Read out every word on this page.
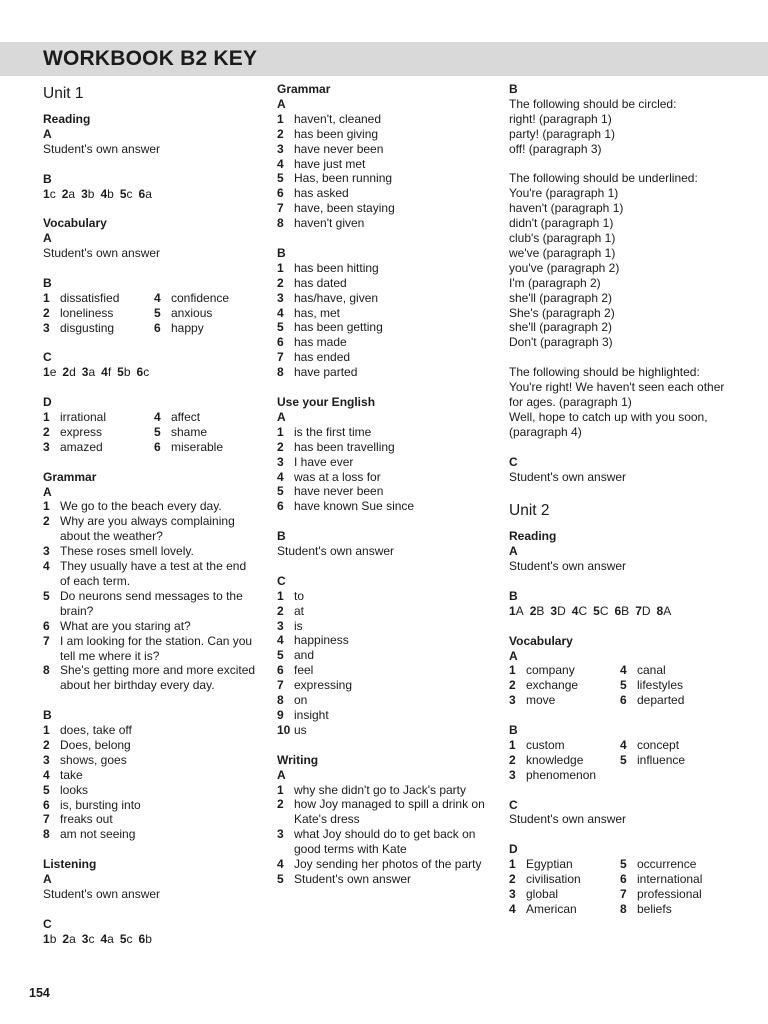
WORKBOOK B2 KEY
Unit 1
Reading
A
Student's own answer
B
1c 2a 3b 4b 5c 6a
Vocabulary
A
Student's own answer
B
1 dissatisfied	4 confidence
2 loneliness	5 anxious
3 disgusting	6 happy
C
1e 2d 3a 4f 5b 6c
D
1 irrational	4 affect
2 express	5 shame
3 amazed	6 miserable
Grammar
A
1 We go to the beach every day.
2 Why are you always complaining about the weather?
3 These roses smell lovely.
4 They usually have a test at the end of each term.
5 Do neurons send messages to the brain?
6 What are you staring at?
7 I am looking for the station. Can you tell me where it is?
8 She's getting more and more excited about her birthday every day.
B
1 does, take off
2 Does, belong
3 shows, goes
4 take
5 looks
6 is, bursting into
7 freaks out
8 am not seeing
Listening
A
Student's own answer
C
1b 2a 3c 4a 5c 6b
Grammar
A
1 haven't, cleaned
2 has been giving
3 have never been
4 have just met
5 Has, been running
6 has asked
7 have, been staying
8 haven't given
B
1 has been hitting
2 has dated
3 has/have, given
4 has, met
5 has been getting
6 has made
7 has ended
8 have parted
Use your English
A
1 is the first time
2 has been travelling
3 I have ever
4 was at a loss for
5 have never been
6 have known Sue since
B
Student's own answer
C
1 to
2 at
3 is
4 happiness
5 and
6 feel
7 expressing
8 on
9 insight
10 us
Writing
A
1 why she didn't go to Jack's party
2 how Joy managed to spill a drink on Kate's dress
3 what Joy should do to get back on good terms with Kate
4 Joy sending her photos of the party
5 Student's own answer
B
The following should be circled:
right! (paragraph 1)
party! (paragraph 1)
off! (paragraph 3)
The following should be underlined:
You're (paragraph 1)
haven't (paragraph 1)
didn't (paragraph 1)
club's (paragraph 1)
we've (paragraph 1)
you've (paragraph 2)
I'm (paragraph 2)
she'll (paragraph 2)
She's (paragraph 2)
she'll (paragraph 2)
Don't (paragraph 3)
The following should be highlighted:
You're right! We haven't seen each other for ages. (paragraph 1)
Well, hope to catch up with you soon, (paragraph 4)
C
Student's own answer
Unit 2
Reading
A
Student's own answer
B
1A 2B 3D 4C 5C 6B 7D 8A
Vocabulary
A
1 company	4 canal
2 exchange	5 lifestyles
3 move	6 departed
B
1 custom	4 concept
2 knowledge	5 influence
3 phenomenon
C
Student's own answer
D
1 Egyptian	5 occurrence
2 civilisation	6 international
3 global	7 professional
4 American	8 beliefs
154
